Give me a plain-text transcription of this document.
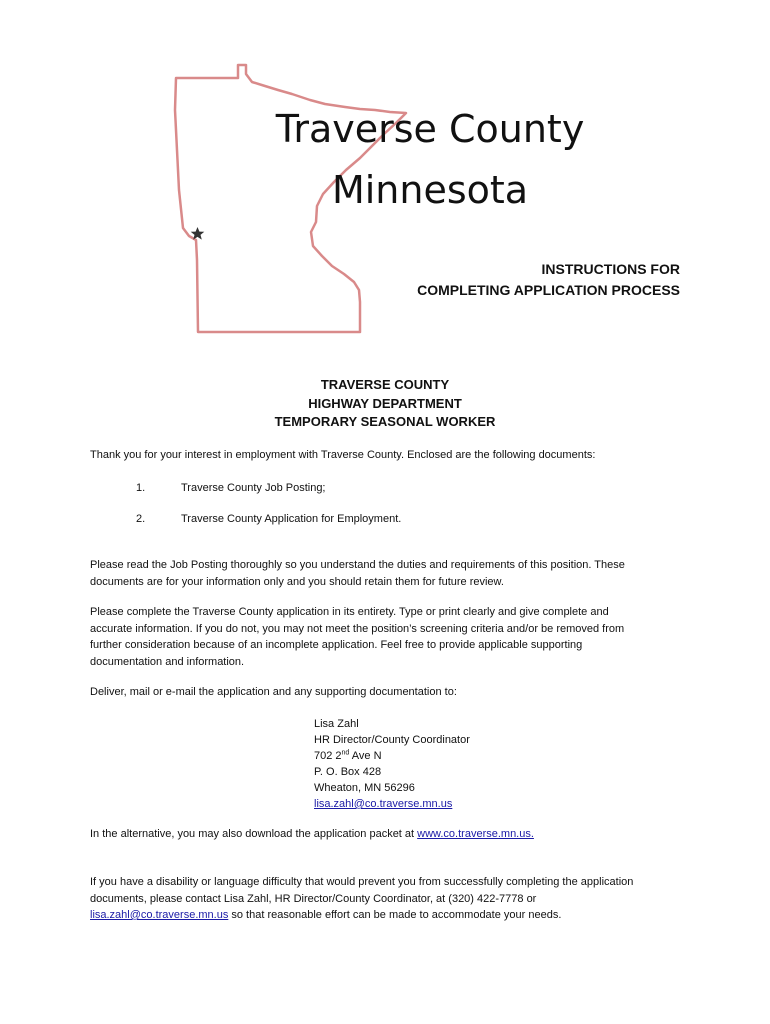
Traverse County
Minnesota
INSTRUCTIONS FOR
COMPLETING APPLICATION PROCESS
TRAVERSE COUNTY
HIGHWAY DEPARTMENT
TEMPORARY SEASONAL WORKER
Thank you for your interest in employment with Traverse County. Enclosed are the following documents:
1.	Traverse County Job Posting;
2.	Traverse County Application for Employment.
Please read the Job Posting thoroughly so you understand the duties and requirements of this position. These
documents are for your information only and you should retain them for future review.
Please complete the Traverse County application in its entirety. Type or print clearly and give complete and
accurate information. If you do not, you may not meet the position’s screening criteria and/or be removed from
further consideration because of an incomplete application. Feel free to provide applicable supporting
documentation and information.
Deliver, mail or e-mail the application and any supporting documentation to:
Lisa Zahl
HR Director/County Coordinator
702 2nd Ave N
P. O. Box 428
Wheaton, MN 56296
lisa.zahl@co.traverse.mn.us
In the alternative, you may also download the application packet at www.co.traverse.mn.us.
If you have a disability or language difficulty that would prevent you from successfully completing the application
documents, please contact Lisa Zahl, HR Director/County Coordinator, at (320) 422-7778 or
lisa.zahl@co.traverse.mn.us so that reasonable effort can be made to accommodate your needs.
